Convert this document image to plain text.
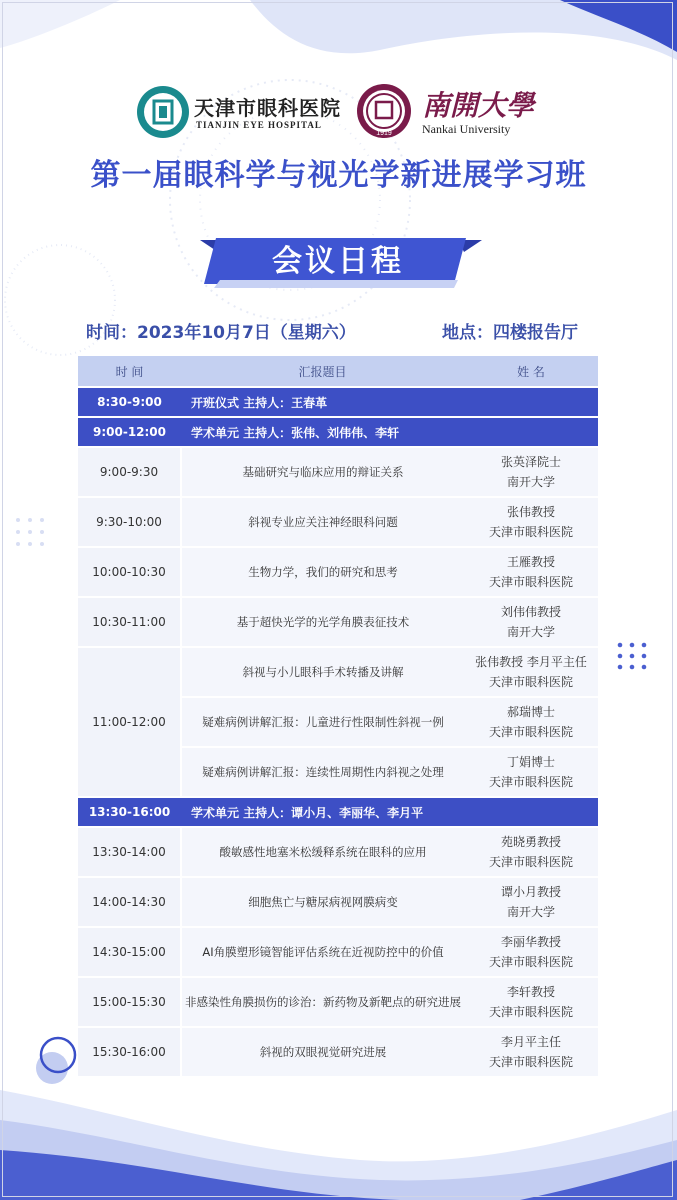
天津市眼科医院
TIANJIN EYE HOSPITAL
1919
南開大學
Nankai University
第一届眼科学与视光学新进展学习班
会议日程
时间：2023年10月7日（星期六）	地点：四楼报告厅
时 间	汇报题目	姓 名
8:30-9:00	开班仪式 主持人：王春革	
9:00-12:00	学术单元 主持人：张伟、刘伟伟、李轩	
9:00-9:30	基础研究与临床应用的辩证关系	张英泽院士
南开大学

9:30-10:00	斜视专业应关注神经眼科问题	张伟教授
天津市眼科医院

10:00-10:30	生物力学，我们的研究和思考	王雁教授
天津市眼科医院

10:30-11:00	基于超快光学的光学角膜表征技术	刘伟伟教授
南开大学

11:00-12:00	斜视与小儿眼科手术转播及讲解	张伟教授 李月平主任
天津市眼科医院

	疑难病例讲解汇报：儿童进行性限制性斜视一例	郝瑞博士
天津市眼科医院

	疑难病例讲解汇报：连续性周期性内斜视之处理	丁娟博士
天津市眼科医院

13:30-16:00	学术单元 主持人：谭小月、李丽华、李月平	
13:30-14:00	酸敏感性地塞米松缓释系统在眼科的应用	苑晓勇教授
天津市眼科医院

14:00-14:30	细胞焦亡与糖尿病视网膜病变	谭小月教授
南开大学

14:30-15:00	AI角膜塑形镜智能评估系统在近视防控中的价值	李丽华教授
天津市眼科医院

15:00-15:30	非感染性角膜损伤的诊治：新药物及新靶点的研究进展	李轩教授
天津市眼科医院

15:30-16:00	斜视的双眼视觉研究进展	李月平主任
天津市眼科医院
